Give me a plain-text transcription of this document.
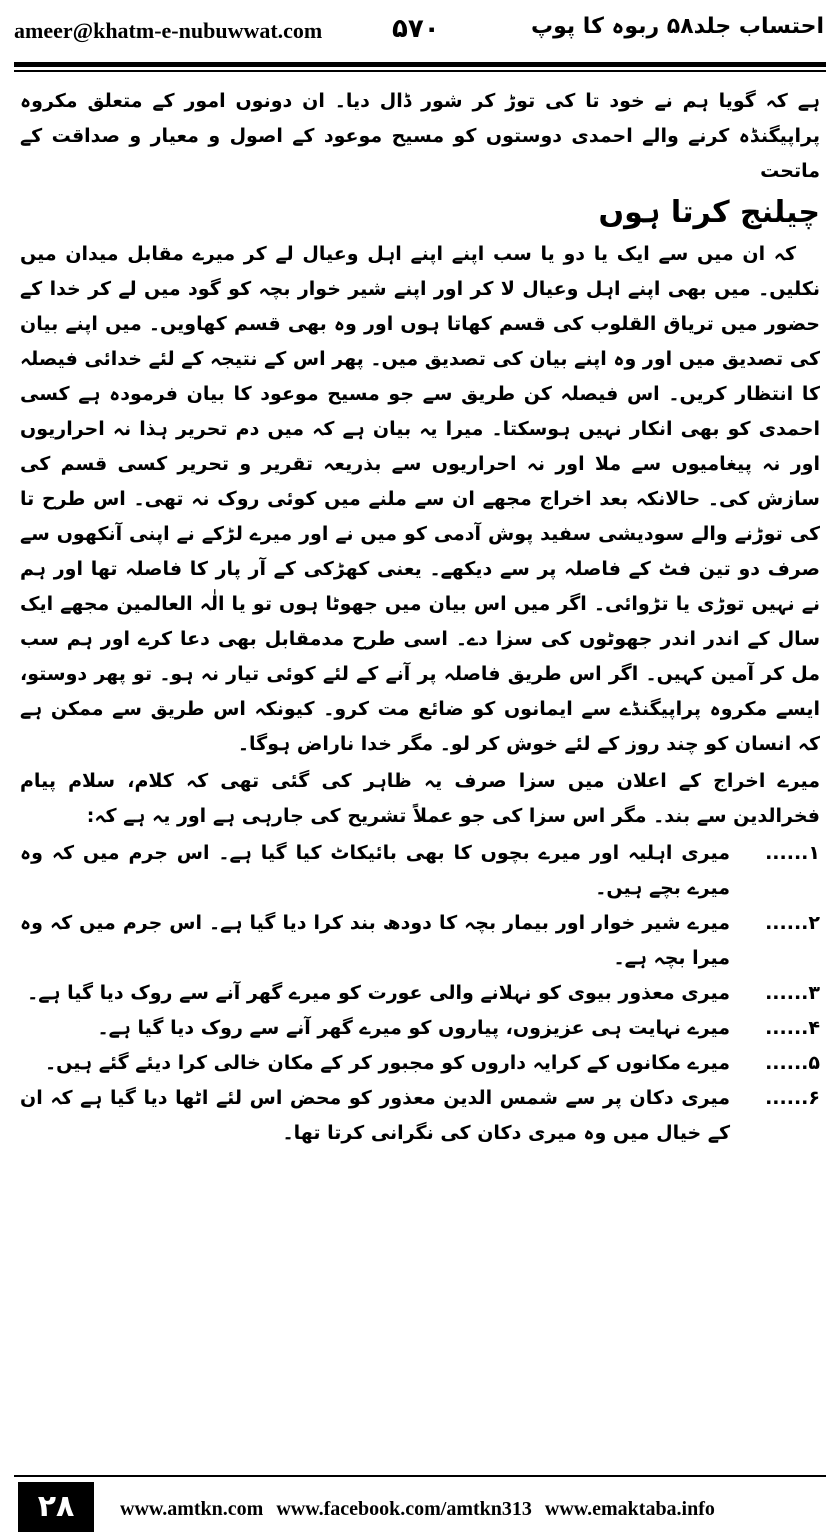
ameer@khatm-e-nubuwwat.com	۵۷۰	احتساب جلد۵۸ ربوہ کا پوپ

ہے کہ گویا ہم نے خود تا کی توڑ کر شور ڈال دیا۔ ان دونوں امور کے متعلق مکروہ پراپیگنڈہ کرنے والے احمدی دوستوں کو مسیح موعود کے اصول و معیار و صداقت کے ماتحت

چیلنج کرتا ہوں

کہ ان میں سے ایک یا دو یا سب اپنے اپنے اہل وعیال لے کر میرے مقابل میدان میں نکلیں۔ میں بھی اپنے اہل وعیال لا کر اور اپنے شیر خوار بچہ کو گود میں لے کر خدا کے حضور میں تریاق القلوب کی قسم کھاتا ہوں اور وہ بھی قسم کھاویں۔ میں اپنے بیان کی تصدیق میں اور وہ اپنے بیان کی تصدیق میں۔ پھر اس کے نتیجہ کے لئے خدائی فیصلہ کا انتظار کریں۔ اس فیصلہ کن طریق سے جو مسیح موعود کا بیان فرمودہ ہے کسی احمدی کو بھی انکار نہیں ہوسکتا۔ میرا یہ بیان ہے کہ میں دم تحریر ہذا نہ احراریوں اور نہ پیغامیوں سے ملا اور نہ احراریوں سے بذریعہ تقریر و تحریر کسی قسم کی سازش کی۔ حالانکہ بعد اخراج مجھے ان سے ملنے میں کوئی روک نہ تھی۔ اس طرح تا کی توڑنے والے سودیشی سفید پوش آدمی کو میں نے اور میرے لڑکے نے اپنی آنکھوں سے صرف دو تین فٹ کے فاصلہ پر سے دیکھے۔ یعنی کھڑکی کے آر پار کا فاصلہ تھا اور ہم نے نہیں توڑی یا تڑوائی۔ اگر میں اس بیان میں جھوٹا ہوں تو یا الٰہ العالمین مجھے ایک سال کے اندر اندر جھوٹوں کی سزا دے۔ اسی طرح مدمقابل بھی دعا کرے اور ہم سب مل کر آمین کہیں۔ اگر اس طریق فاصلہ پر آنے کے لئے کوئی تیار نہ ہو۔ تو پھر دوستو، ایسے مکروہ پراپیگنڈے سے ایمانوں کو ضائع مت کرو۔ کیونکہ اس طریق سے ممکن ہے کہ انسان کو چند روز کے لئے خوش کر لو۔ مگر خدا ناراض ہوگا۔

میرے اخراج کے اعلان میں سزا صرف یہ ظاہر کی گئی تھی کہ کلام، سلام پیام فخرالدین سے بند۔ مگر اس سزا کی جو عملاً تشریح کی جارہی ہے اور یہ ہے کہ:

۱......
میری اہلیہ اور میرے بچوں کا بھی بائیکاٹ کیا گیا ہے۔ اس جرم میں کہ وہ میرے بچے ہیں۔
۲......
میرے شیر خوار اور بیمار بچہ کا دودھ بند کرا دیا گیا ہے۔ اس جرم میں کہ وہ میرا بچہ ہے۔
۳......
میری معذور بیوی کو نہلانے والی عورت کو میرے گھر آنے سے روک دیا گیا ہے۔
۴......
میرے نہایت ہی عزیزوں، پیاروں کو میرے گھر آنے سے روک دیا گیا ہے۔
۵......
میرے مکانوں کے کرایہ داروں کو مجبور کر کے مکان خالی کرا دیئے گئے ہیں۔
۶......
میری دکان پر سے شمس الدین معذور کو محض اس لئے اٹھا دیا گیا ہے کہ ان کے خیال میں وہ میری دکان کی نگرانی کرتا تھا۔
۲۸	www.amtkn.com www.facebook.com/amtkn313 www.emaktaba.info
